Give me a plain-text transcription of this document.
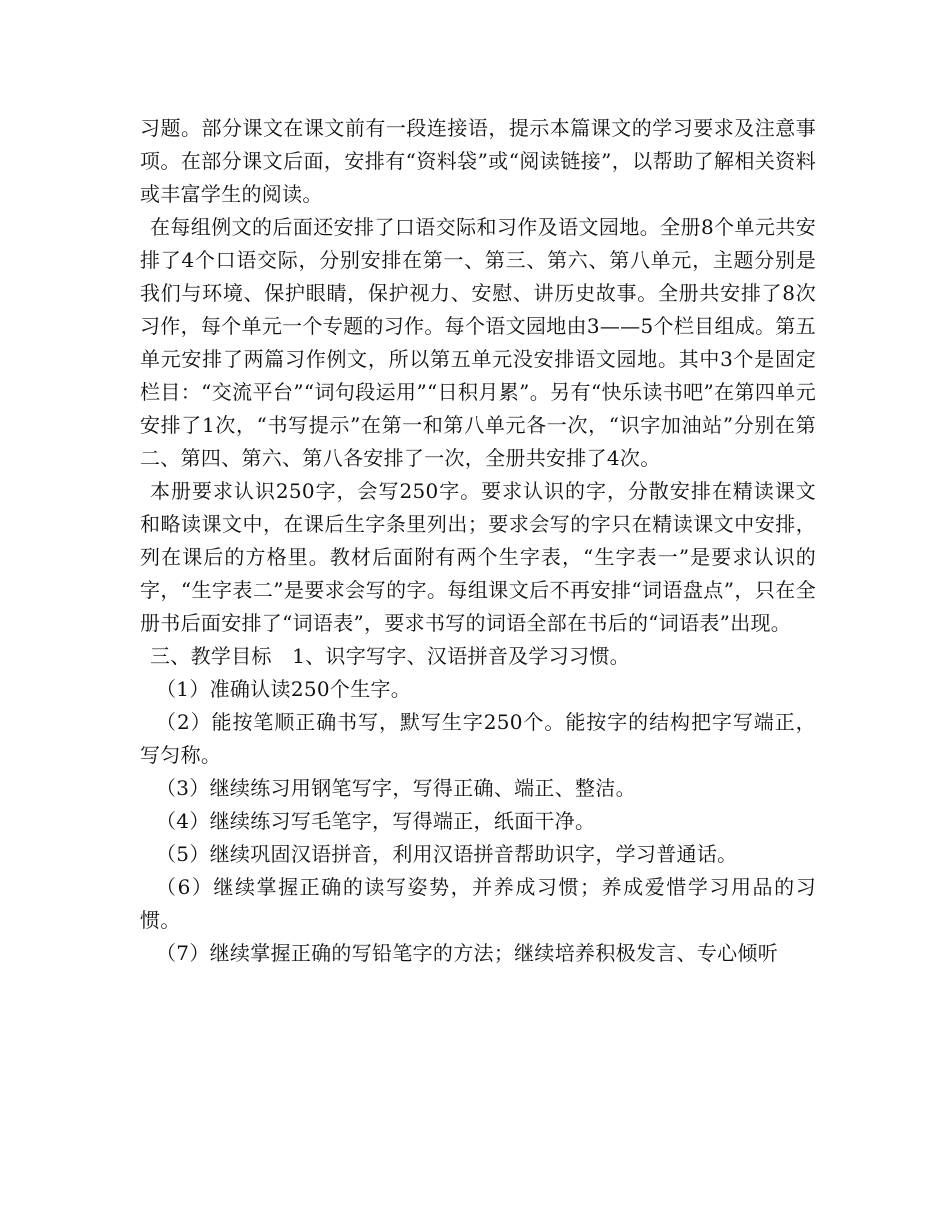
习题。部分课文在课文前有一段连接语，提示本篇课文的学习要求及注意事项。在部分课文后面，安排有“资料袋”或“阅读链接”，以帮助了解相关资料或丰富学生的阅读。

在每组例文的后面还安排了口语交际和习作及语文园地。全册8个单元共安排了4个口语交际，分别安排在第一、第三、第六、第八单元，主题分别是我们与环境、保护眼睛，保护视力、安慰、讲历史故事。全册共安排了8次习作，每个单元一个专题的习作。每个语文园地由3——5个栏目组成。第五单元安排了两篇习作例文，所以第五单元没安排语文园地。其中3个是固定栏目：“交流平台”“词句段运用”“日积月累”。另有“快乐读书吧”在第四单元安排了1次，“书写提示”在第一和第八单元各一次，“识字加油站”分别在第二、第四、第六、第八各安排了一次，全册共安排了4次。

本册要求认识250字，会写250字。要求认识的字，分散安排在精读课文和略读课文中，在课后生字条里列出；要求会写的字只在精读课文中安排，列在课后的方格里。教材后面附有两个生字表，“生字表一”是要求认识的字，“生字表二”是要求会写的字。每组课文后不再安排“词语盘点”，只在全册书后面安排了“词语表”，要求书写的词语全部在书后的“词语表”出现。

三、教学目标　1、识字写字、汉语拼音及学习习惯。

（1）准确认读250个生字。

（2）能按笔顺正确书写，默写生字250个。能按字的结构把字写端正，写匀称。

（3）继续练习用钢笔写字，写得正确、端正、整洁。

（4）继续练习写毛笔字，写得端正，纸面干净。

（5）继续巩固汉语拼音，利用汉语拼音帮助识字，学习普通话。

（6）继续掌握正确的读写姿势，并养成习惯；养成爱惜学习用品的习惯。

（7）继续掌握正确的写铅笔字的方法；继续培养积极发言、专心倾听
